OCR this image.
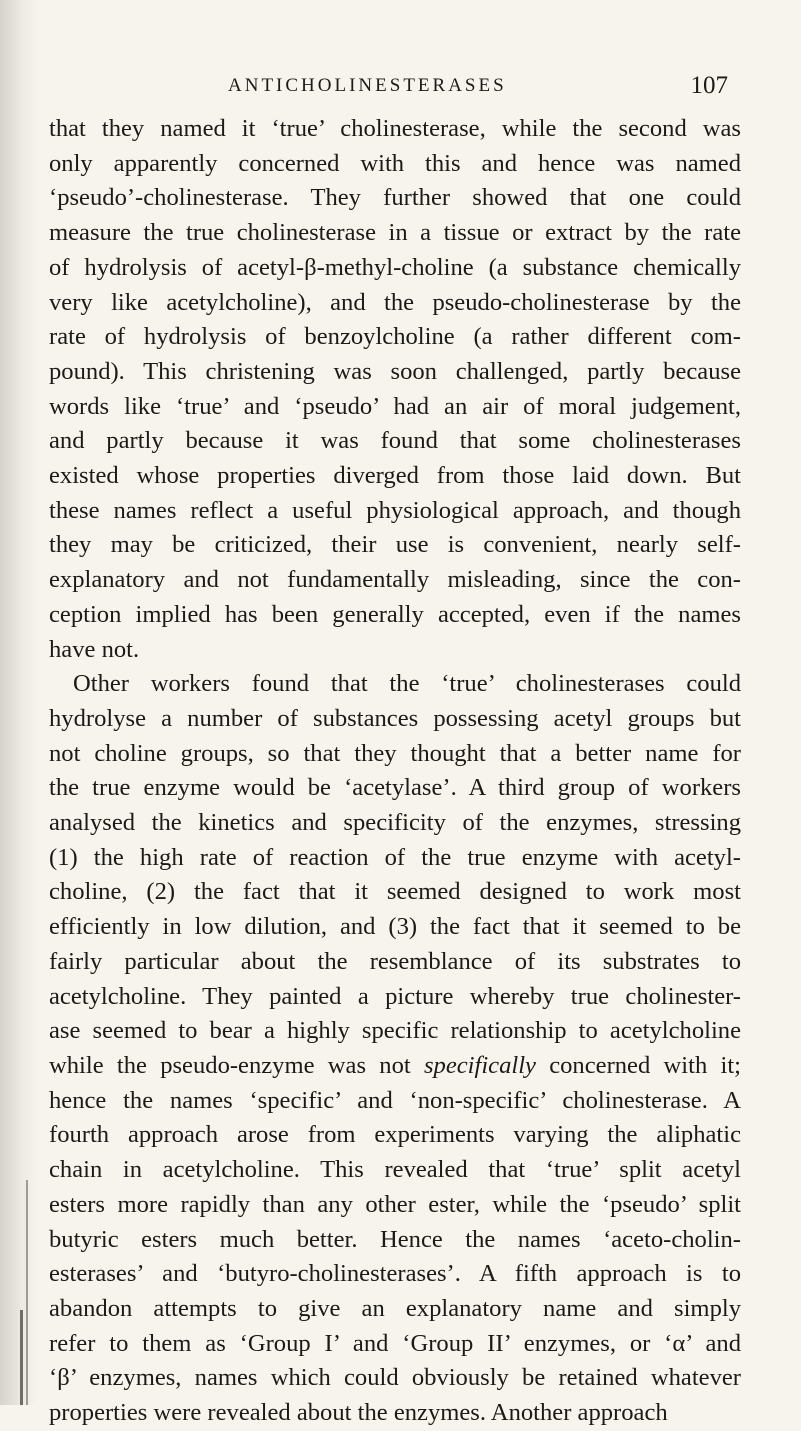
ANTICHOLINESTERASES	107

that they named it ‘true’ cholinesterase, while the second was

only apparently concerned with this and hence was named

‘pseudo’-cholinesterase. They further showed that one could

measure the true cholinesterase in a tissue or extract by the rate

of hydrolysis of acetyl-β-methyl-choline (a substance chemically

very like acetylcholine), and the pseudo-cholinesterase by the

rate of hydrolysis of benzoylcholine (a rather different com-

pound). This christening was soon challenged, partly because

words like ‘true’ and ‘pseudo’ had an air of moral judgement,

and partly because it was found that some cholinesterases

existed whose properties diverged from those laid down. But

these names reflect a useful physiological approach, and though

they may be criticized, their use is convenient, nearly self-

explanatory and not fundamentally misleading, since the con-

ception implied has been generally accepted, even if the names

have not.

Other workers found that the ‘true’ cholinesterases could

hydrolyse a number of substances possessing acetyl groups but

not choline groups, so that they thought that a better name for

the true enzyme would be ‘acetylase’. A third group of workers

analysed the kinetics and specificity of the enzymes, stressing

(1) the high rate of reaction of the true enzyme with acetyl-

choline, (2) the fact that it seemed designed to work most

efficiently in low dilution, and (3) the fact that it seemed to be

fairly particular about the resemblance of its substrates to

acetylcholine. They painted a picture whereby true cholinester-

ase seemed to bear a highly specific relationship to acetylcholine

while the pseudo-enzyme was not specifically concerned with it;

hence the names ‘specific’ and ‘non-specific’ cholinesterase. A

fourth approach arose from experiments varying the aliphatic

chain in acetylcholine. This revealed that ‘true’ split acetyl

esters more rapidly than any other ester, while the ‘pseudo’ split

butyric esters much better. Hence the names ‘aceto-cholin-

esterases’ and ‘butyro-cholinesterases’. A fifth approach is to

abandon attempts to give an explanatory name and simply

refer to them as ‘Group I’ and ‘Group II’ enzymes, or ‘α’ and

‘β’ enzymes, names which could obviously be retained whatever

properties were revealed about the enzymes. Another approach
